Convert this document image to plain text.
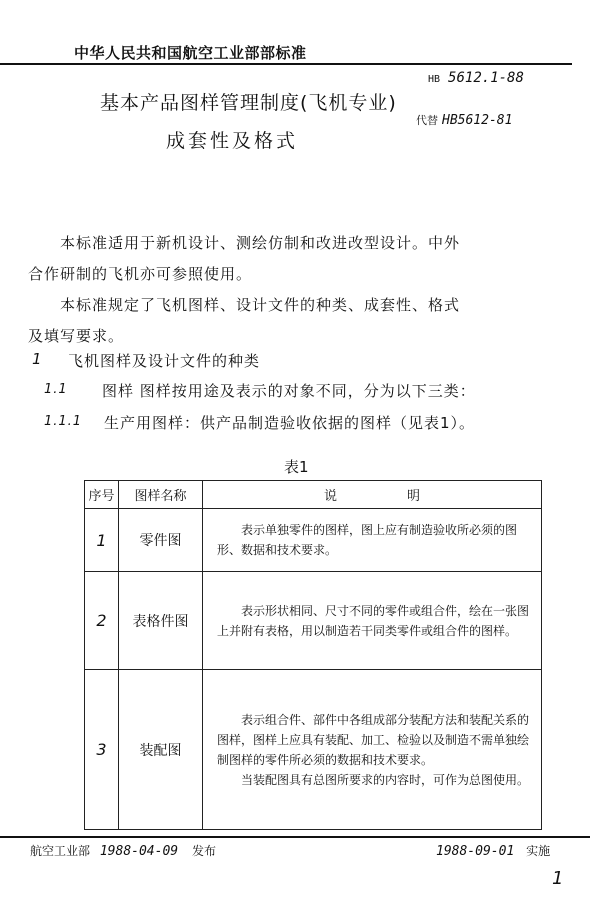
中华人民共和国航空工业部部标准
基本产品图样管理制度(飞机专业)
成套性及格式
HB 5612.1-88
代替 HB5612-81
本标准适用于新机设计、测绘仿制和改进改型设计。中外
合作研制的飞机亦可参照使用。
本标准规定了飞机图样、设计文件的种类、成套性、格式
及填写要求。
1 飞机图样及设计文件的种类
1.1 图样 图样按用途及表示的对象不同，分为以下三类：
1.1.1 生产用图样：供产品制造验收依据的图样（见表1）。
表1
序号	图样名称	说明
1	零件图	表示单独零件的图样，图上应有制造验收所必须的图形、数据和技术要求。

2	表格件图	表示形状相同、尺寸不同的零件或组合件，绘在一张图上并附有表格，用以制造若干同类零件或组合件的图样。

3	装配图	表示组合件、部件中各组成部分装配方法和装配关系的图样，图样上应具有装配、加工、检验以及制造不需单独绘制图样的零件所必须的数据和技术要求。

当装配图具有总图所要求的内容时，可作为总图使用。

航空工业部 1988-04-09 发布	1988-09-01 实施
1
